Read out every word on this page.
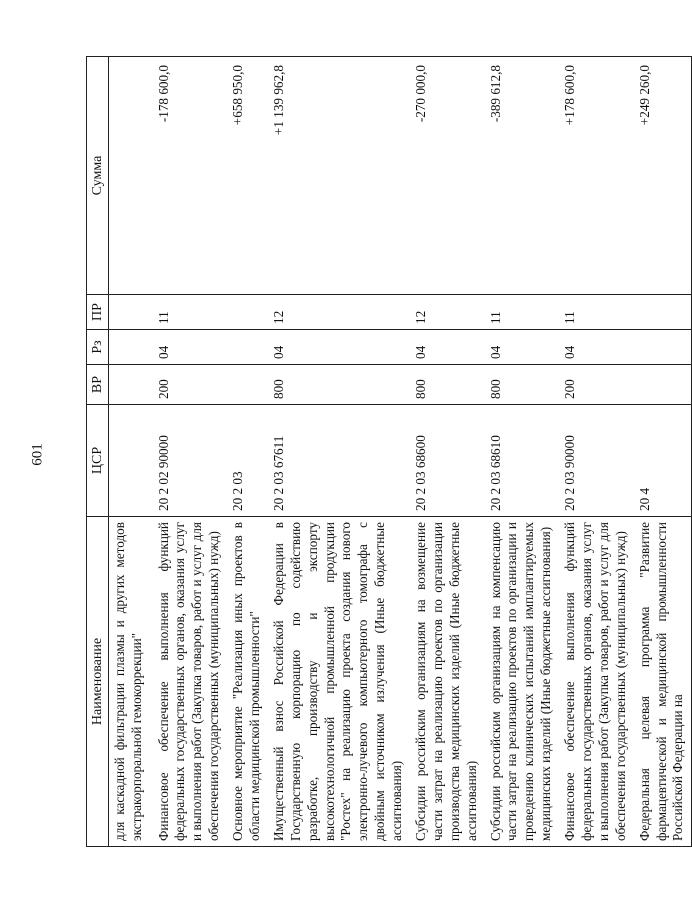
601
Наименование	ЦСР	ВР	Рз	ПР	Сумма
для каскадной фильтрации плазмы и других методов экстракорпоральной гемокоррекции"					
Финансовое обеспечение выполнения функций федеральных государственных органов, оказания услуг и выполнения работ (Закупка товаров, работ и услуг для обеспечения государственных (муниципальных) нужд)	20 2 02 90000	200	04	11	-178 600,0
Основное мероприятие "Реализация иных проектов в области медицинской промышленности"	20 2 03				+658 950,0
Имущественный взнос Российской Федерации в Государственную корпорацию по содействию разработке, производству и экспорту высокотехнологичной промышленной продукции "Ростех" на реализацию проекта создания нового электронно-лучевого компьютерного томографа с двойным источником излучения (Иные бюджетные ассигнования)	20 2 03 67611	800	04	12	+1 139 962,8
Субсидии российским организациям на возмещение части затрат на реализацию проектов по организации производства медицинских изделий (Иные бюджетные ассигнования)	20 2 03 68600	800	04	12	-270 000,0
Субсидии российским организациям на компенсацию части затрат на реализацию проектов по организации и проведению клинических испытаний имплантируемых медицинских изделий (Иные бюджетные ассигнования)	20 2 03 68610	800	04	11	-389 612,8
Финансовое обеспечение выполнения функций федеральных государственных органов, оказания услуг и выполнения работ (Закупка товаров, работ и услуг для обеспечения государственных (муниципальных) нужд)	20 2 03 90000	200	04	11	+178 600,0
Федеральная целевая программа "Развитие фармацевтической и медицинской промышленности Российской Федерации на	20 4				+249 260,0
